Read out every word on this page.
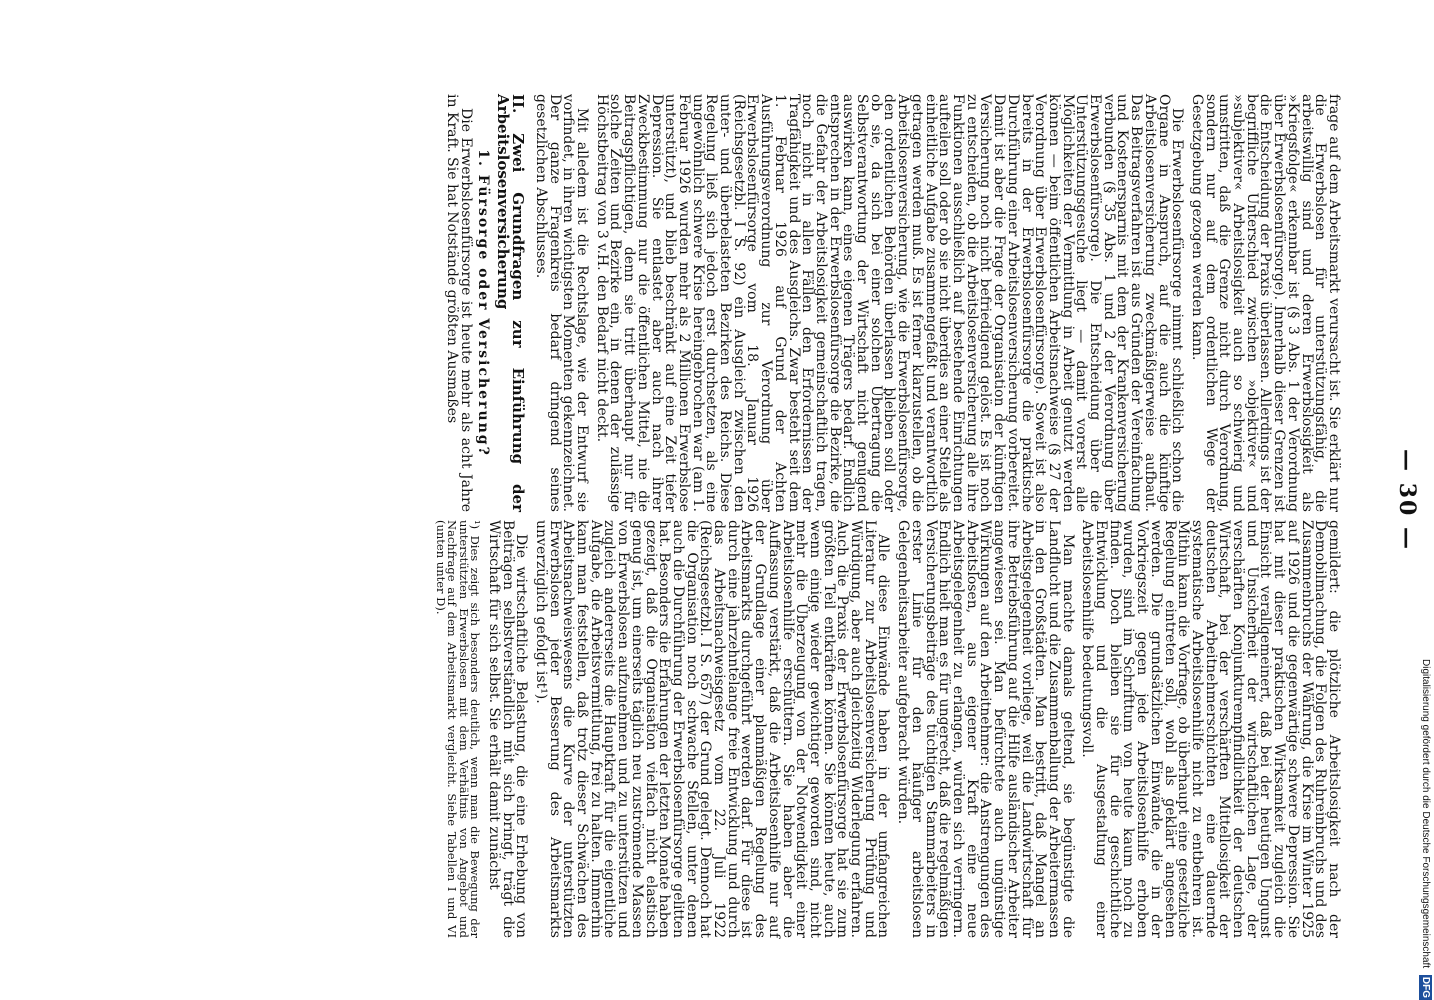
Digitalisierung gefördert durch die Deutsche Forschungsgemeinschaft DFG
— 30 —

frage auf dem Arbeitsmarkt verursacht ist. Sie erklärt nur die Erwerbslosen für unterstützungsfähig, die arbeitswillig sind und deren Erwerbslosigkeit als »Kriegsfolge« erkennbar ist (§ 3 Abs. 1 der Verordnung über Erwerbslosenfürsorge). Innerhalb dieser Grenzen ist die Entscheidung der Praxis überlassen. Allerdings ist der begriffliche Unterschied zwischen »objektiver« und »subjektiver« Arbeitslosigkeit auch so schwierig und umstritten, daß die Grenze nicht durch Verordnung, sondern nur auf dem ordentlichen Wege der Gesetzgebung gezogen werden kann.

Die Erwerbslosenfürsorge nimmt schließlich schon die Organe in Anspruch, auf die auch die künftige Arbeitslosenversicherung zweckmäßigerweise aufbaut. Das Beitragsverfahren ist aus Gründen der Vereinfachung und Kostenersparnis mit dem der Krankenversicherung verbunden (§ 35 Abs. 1 und 2 der Verordnung über Erwerbslosenfürsorge). Die Entscheidung über die Unterstützungsgesuche liegt — damit vorerst alle Möglichkeiten der Vermittlung in Arbeit genutzt werden können — beim öffentlichen Arbeitsnachweise (§ 27 der Verordnung über Erwerbslosenfürsorge). Soweit ist also bereits in der Erwerbslosenfürsorge die praktische Durchführung einer Arbeitslosenversicherung vorbereitet. Damit ist aber die Frage der Organisation der künftigen Versicherung noch nicht befriedigend gelöst. Es ist noch zu entscheiden, ob die Arbeitslosenversicherung alle ihre Funktionen ausschließlich auf bestehende Einrichtungen aufteilen soll oder ob sie nicht überdies an einer Stelle als einheitliche Aufgabe zusammengefaßt und verantwortlich getragen werden muß. Es ist ferner klarzustellen, ob die Arbeitslosenversicherung, wie die Erwerbslosenfürsorge, den ordentlichen Behörden überlassen bleiben soll oder ob sie, da sich bei einer solchen Übertragung die Selbstverantwortung der Wirtschaft nicht genügend auswirken kann, eines eigenen Trägers bedarf. Endlich entsprechen in der Erwerbslosenfürsorge die Bezirke, die die Gefahr der Arbeitslosigkeit gemeinschaftlich tragen, noch nicht in allen Fällen den Erfordernissen der Tragfähigkeit und des Ausgleichs. Zwar besteht seit dem 1. Februar 1926 auf Grund der Achten Ausführungsverordnung zur Verordnung über Erwerbslosenfürsorge vom 18. Januar 1926 (Reichsgesetzbl. I S. 92) ein Ausgleich zwischen den unter- und überbelasteten Bezirken des Reichs. Diese Regelung ließ sich jedoch erst durchsetzen, als eine ungewöhnlich schwere Krise hereingebrochen war (am 1. Februar 1926 wurden mehr als 2 Millionen Erwerbslose unterstützt), und blieb beschränkt auf eine Zeit tiefer Depression. Sie entlastet aber auch nach ihrer Zweckbestimmung nur die öffentlichen Mittel, nie die Beitragspflichtigen, denn sie tritt überhaupt nur für solche Zeiten und Bezirke ein, in denen der zulässige Höchstbeitrag von 3 v.H. den Bedarf nicht deckt.

Mit alledem ist die Rechtslage, wie der Entwurf sie vorfindet, in ihren wichtigsten Momenten gekennzeichnet. Der ganze Fragenkreis bedarf dringend seines gesetzlichen Abschlusses.

II. Zwei Grundfragen zur Einführung der Arbeitslosenversicherung
1. Fürsorge oder Versicherung?

Die Erwerbslosenfürsorge ist heute mehr als acht Jahre in Kraft. Sie hat Notstände größten Ausmaßes

gemildert: die plötzliche Arbeitslosigkeit nach der Demobilmachung, die Folgen des Ruhreinbruchs und des Zusammenbruchs der Währung, die Krise im Winter 1925 auf 1926 und die gegenwärtige schwere Depression. Sie hat mit dieser praktischen Wirksamkeit zugleich die Einsicht verallgemeinert, daß bei der heutigen Ungunst und Unsicherheit der wirtschaftlichen Lage, der verschärften Konjunkturempfindlichkeit der deutschen Wirtschaft, bei der verschärften Mittellosigkeit der deutschen Arbeitnehmerschichten eine dauernde systematische Arbeitslosenhilfe nicht zu entbehren ist. Mithin kann die Vorfrage, ob überhaupt eine gesetzliche Regelung eintreten soll, wohl als geklärt angesehen werden. Die grundsätzlichen Einwände, die in der Vorkriegszeit gegen jede Arbeitslosenhilfe erhoben wurden, sind im Schrifttum von heute kaum noch zu finden. Doch bleiben sie für die geschichtliche Entwicklung und die Ausgestaltung einer Arbeitslosenhilfe bedeutungsvoll.

Man machte damals geltend, sie begünstigte die Landflucht und die Zusammenballung der Arbeitermassen in den Großstädten. Man bestritt, daß Mangel an Arbeitsgelegenheit vorliege, weil die Landwirtschaft für ihre Betriebsführung auf die Hilfe ausländischer Arbeiter angewiesen sei. Man befürchtete auch ungünstige Wirkungen auf den Arbeitnehmer: die Anstrengungen des Arbeitslosen, aus eigener Kraft eine neue Arbeitsgelegenheit zu erlangen, würden sich verringern. Endlich hielt man es für ungerecht, daß die regelmäßigen Versicherungsbeiträge des tüchtigen Stammarbeiters in erster Linie für den häufiger arbeitslosen Gelegenheitsarbeiter aufgebracht würden.

Alle diese Einwände haben in der umfangreichen Literatur zur Arbeitslosenversicherung Prüfung und Würdigung, aber auch gleichzeitig Widerlegung erfahren. Auch die Praxis der Erwerbslosenfürsorge hat sie zum größten Teil entkräften können. Sie können heute, auch wenn einige wieder gewichtiger geworden sind, nicht mehr die Überzeugung von der Notwendigkeit einer Arbeitslosenhilfe erschüttern. Sie haben aber die Auffassung verstärkt, daß die Arbeitslosenhilfe nur auf der Grundlage einer planmäßigen Regelung des Arbeitsmarkts durchgeführt werden darf. Für diese ist durch eine jahrzehntelange freie Entwicklung und durch das Arbeitsnachweisgesetz vom 22. Juli 1922 (Reichsgesetzbl. I S. 657) der Grund gelegt. Dennoch hat die Organisation noch schwache Stellen, unter denen auch die Durchführung der Erwerbslosenfürsorge gelitten hat. Besonders die Erfahrungen der letzten Monate haben gezeigt, daß die Organisation vielfach nicht elastisch genug ist, um einerseits täglich neu zuströmende Massen von Erwerbslosen aufzunehmen und zu unterstützen und zugleich andererseits die Hauptkraft für die eigentliche Aufgabe, die Arbeitsvermittlung, frei zu halten. Immerhin kann man feststellen, daß trotz dieser Schwächen des Arbeitsnachweiswesens die Kurve der unterstützten Erwerbslosen jeder Besserung des Arbeitsmarkts unverzüglich gefolgt ist¹).

Die wirtschaftliche Belastung, die eine Erhebung von Beiträgen selbstverständlich mit sich bringt, trägt die Wirtschaft für sich selbst. Sie erhält damit zunächst

¹) Dies zeigt sich besonders deutlich, wenn man die Bewegung der unterstützten Erwerbslosen mit dem Verhältnis von Angebot und Nachfrage auf dem Arbeitsmarkt vergleicht. Siehe Tabellen I und VI (unten unter D).
